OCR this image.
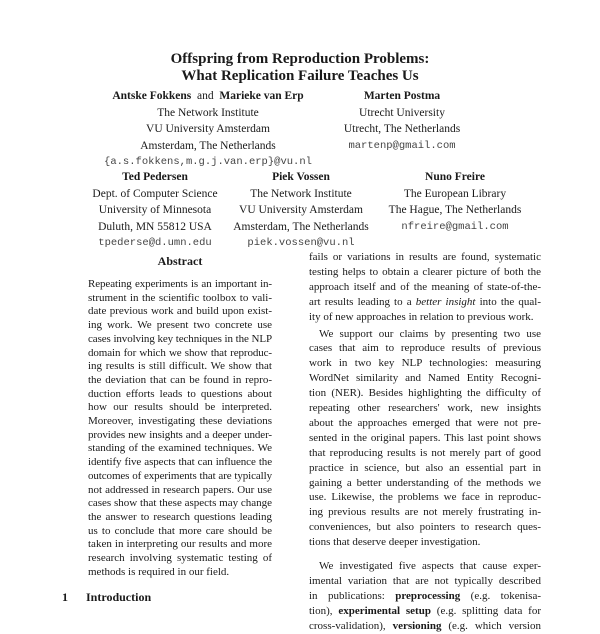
Offspring from Reproduction Problems:
What Replication Failure Teaches Us
Antske Fokkens and Marieke van Erp
The Network Institute
VU University Amsterdam
Amsterdam, The Netherlands
{a.s.fokkens,m.g.j.van.erp}@vu.nl
Marten Postma
Utrecht University
Utrecht, The Netherlands
martenp@gmail.com
Ted Pedersen
Dept. of Computer Science
University of Minnesota
Duluth, MN 55812 USA
tpederse@d.umn.edu
Piek Vossen
The Network Institute
VU University Amsterdam
Amsterdam, The Netherlands
piek.vossen@vu.nl
Nuno Freire
The European Library
The Hague, The Netherlands
nfreire@gmail.com
Abstract
Repeating experiments is an important in-
strument in the scientific toolbox to vali-
date previous work and build upon exist-
ing work. We present two concrete use
cases involving key techniques in the NLP
domain for which we show that reproduc-
ing results is still difficult. We show that
the deviation that can be found in repro-
duction efforts leads to questions about
how our results should be interpreted.
Moreover, investigating these deviations
provides new insights and a deeper under-
standing of the examined techniques. We
identify five aspects that can influence the
outcomes of experiments that are typically
not addressed in research papers. Our use
cases show that these aspects may change
the answer to research questions leading
us to conclude that more care should be
taken in interpreting our results and more
research involving systematic testing of
methods is required in our field.
fails or variations in results are found, systematic
testing helps to obtain a clearer picture of both the
approach itself and of the meaning of state-of-the-
art results leading to a better insight into the qual-
ity of new approaches in relation to previous work.
We support our claims by presenting two use
cases that aim to reproduce results of previous
work in two key NLP technologies: measuring
WordNet similarity and Named Entity Recogni-
tion (NER). Besides highlighting the difficulty of
repeating other researchers' work, new insights
about the approaches emerged that were not pre-
sented in the original papers. This last point shows
that reproducing results is not merely part of good
practice in science, but also an essential part in
gaining a better understanding of the methods we
use. Likewise, the problems we face in reproduc-
ing previous results are not merely frustrating in-
conveniences, but also pointers to research ques-
tions that deserve deeper investigation.
We investigated five aspects that cause exper-
imental variation that are not typically described
in publications: preprocessing (e.g. tokenisa-
tion), experimental setup (e.g. splitting data for
cross-validation), versioning (e.g. which version
1 Introduction
